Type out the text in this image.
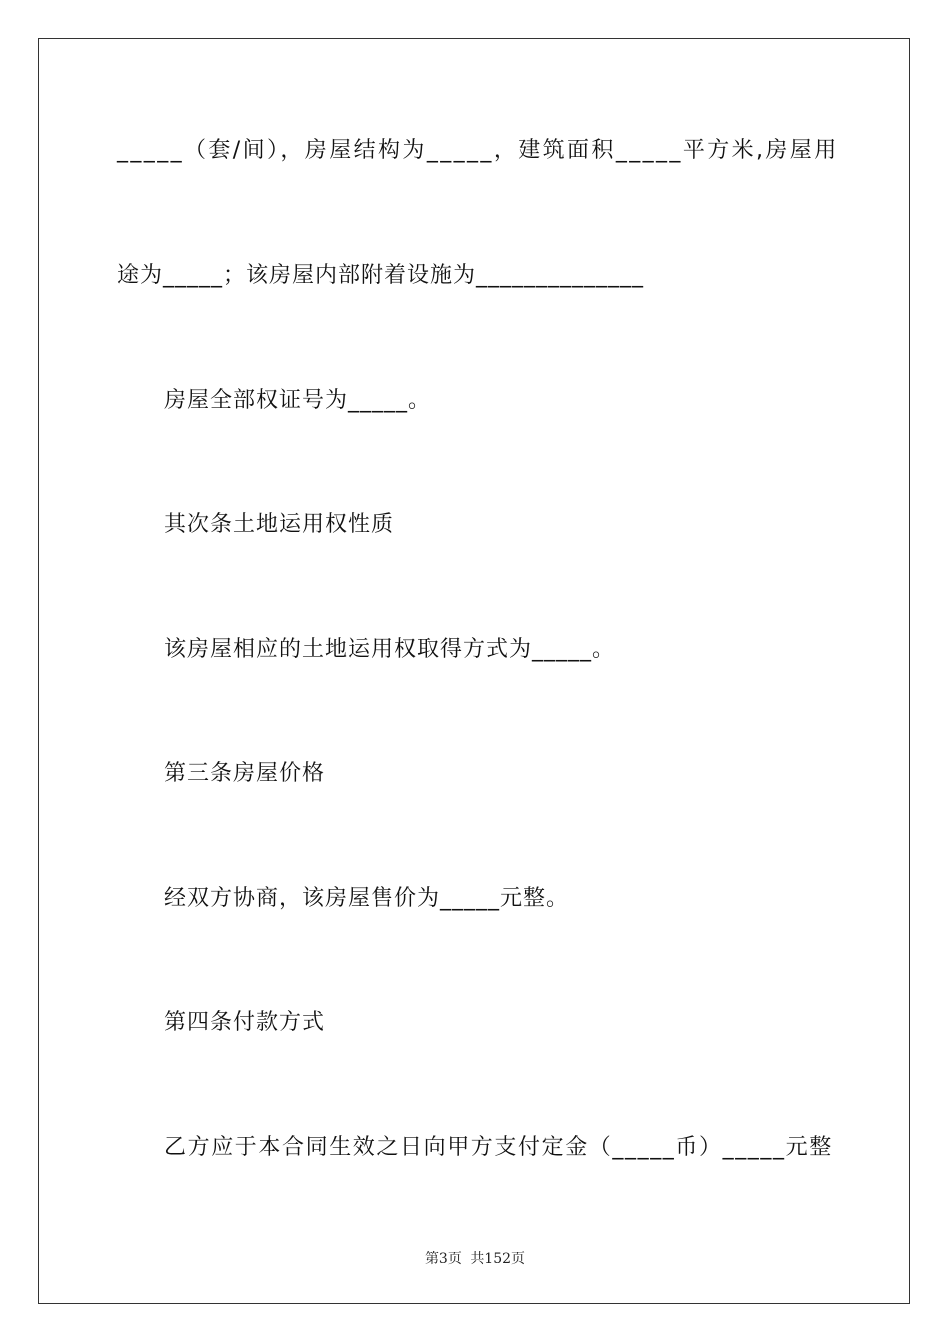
_____（套/间），房屋结构为_____，建筑面积_____平方米,房屋用
途为_____；该房屋内部附着设施为______________
房屋全部权证号为_____。
其次条土地运用权性质
该房屋相应的土地运用权取得方式为_____。
第三条房屋价格
经双方协商，该房屋售价为_____元整。
第四条付款方式
乙方应于本合同生效之日向甲方支付定金（_____币）_____元整
第3页 共152页
